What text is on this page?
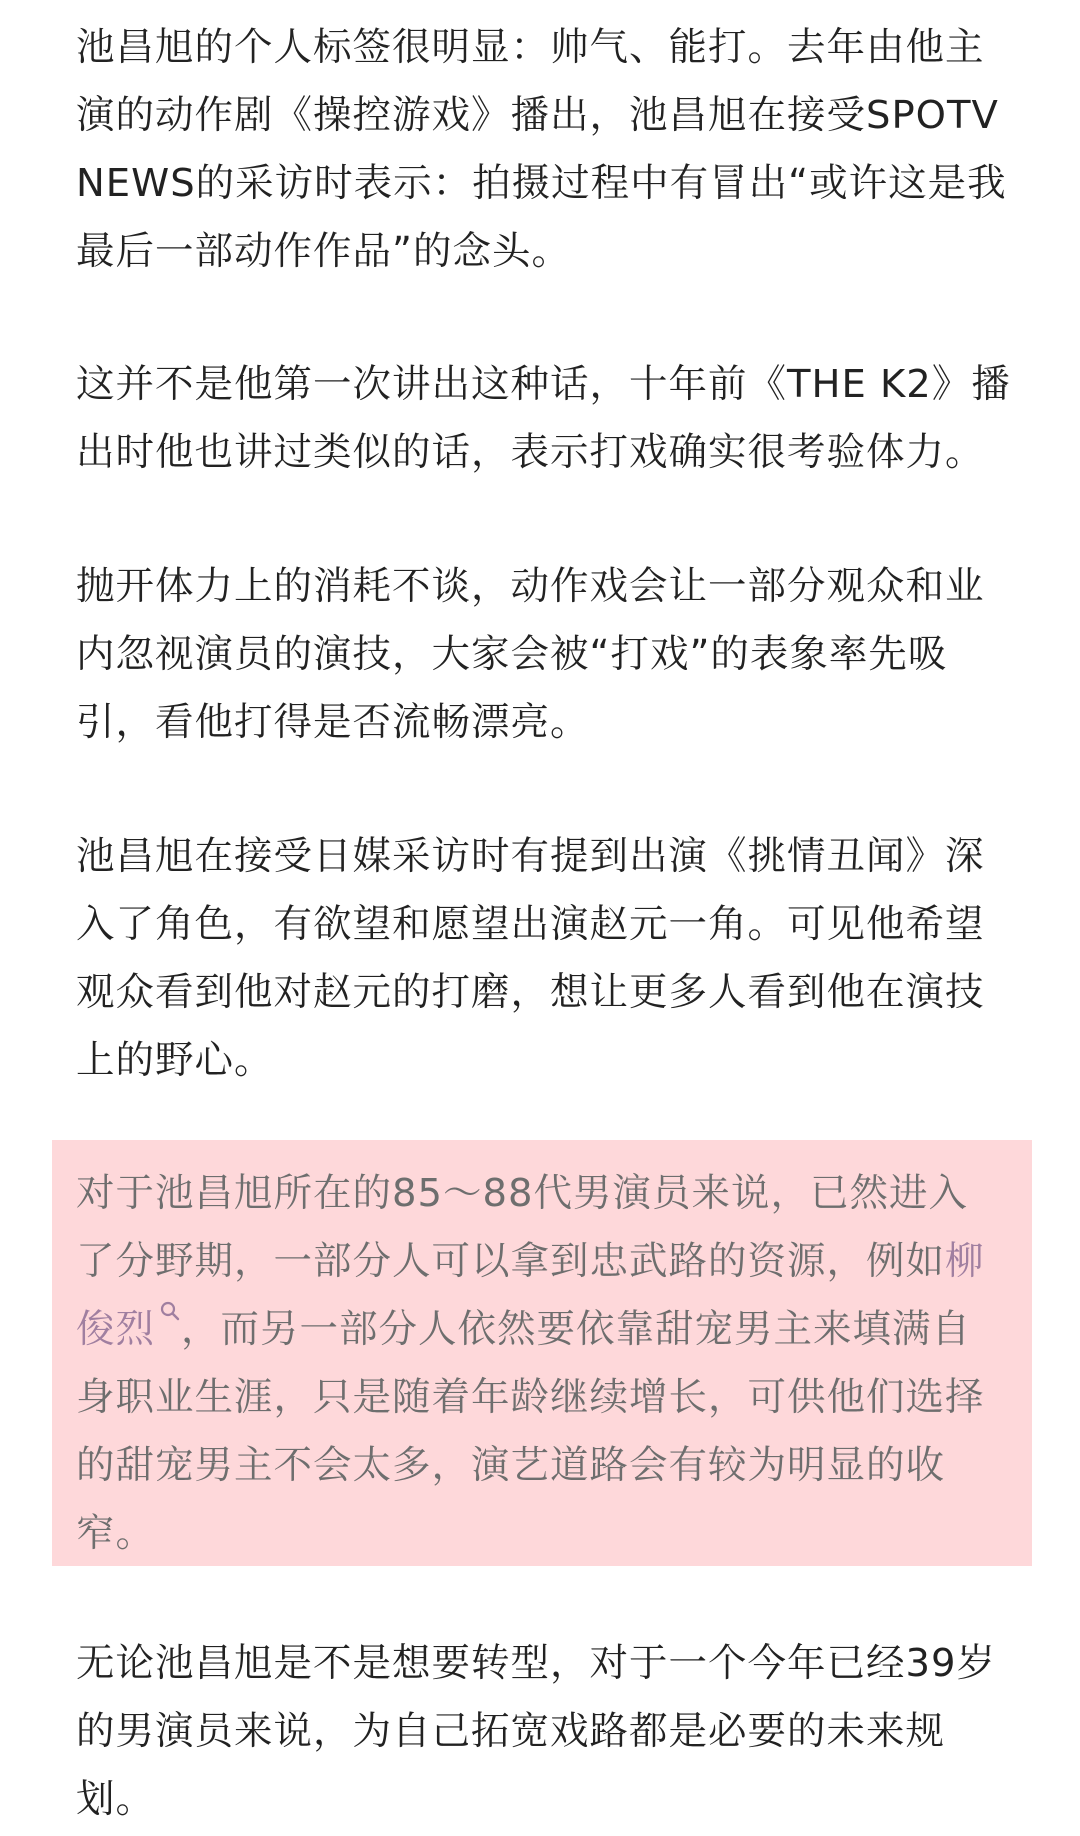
池昌旭的个人标签很明显：帅气、能打。去年由他主
演的动作剧《操控游戏》播出，池昌旭在接受SPOTV
NEWS的采访时表示：拍摄过程中有冒出“或许这是我
最后一部动作作品”的念头。

这并不是他第一次讲出这种话，十年前《THE K2》播
出时他也讲过类似的话，表示打戏确实很考验体力。

抛开体力上的消耗不谈，动作戏会让一部分观众和业
内忽视演员的演技，大家会被“打戏”的表象率先吸
引，看他打得是否流畅漂亮。

池昌旭在接受日媒采访时有提到出演《挑情丑闻》深
入了角色，有欲望和愿望出演赵元一角。可见他希望
观众看到他对赵元的打磨，想让更多人看到他在演技
上的野心。

对于池昌旭所在的85～88代男演员来说，已然进入
了分野期，一部分人可以拿到忠武路的资源，例如柳
俊烈 ，而另一部分人依然要依靠甜宠男主来填满自
身职业生涯，只是随着年龄继续增长，可供他们选择
的甜宠男主不会太多，演艺道路会有较为明显的收
窄。

无论池昌旭是不是想要转型，对于一个今年已经39岁
的男演员来说，为自己拓宽戏路都是必要的未来规
划。
